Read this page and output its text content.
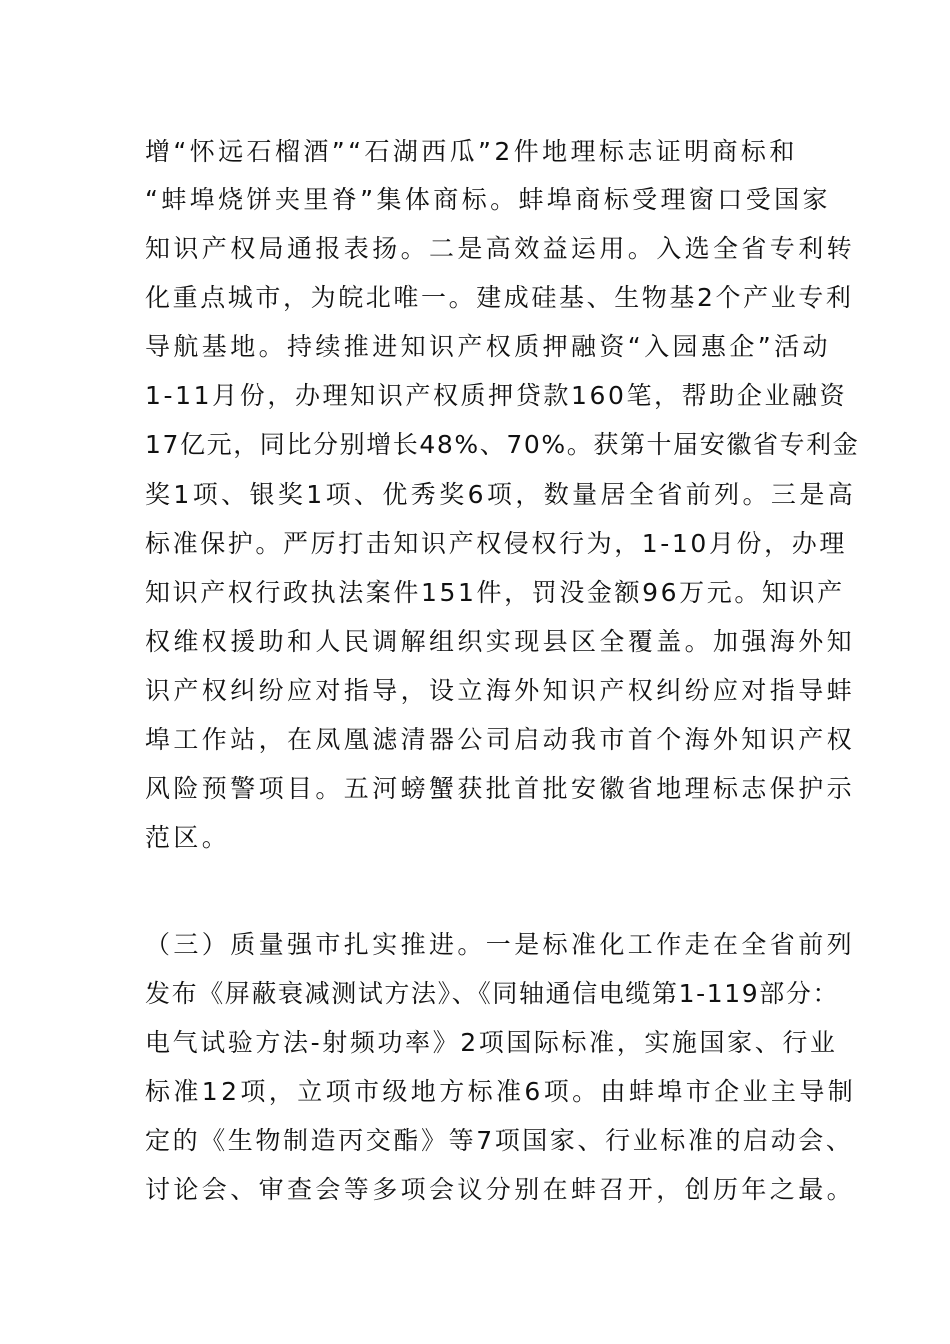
增“怀远石榴酒”“石湖西瓜”2件地理标志证明商标和
“蚌埠烧饼夹里脊”集体商标。蚌埠商标受理窗口受国家
知识产权局通报表扬。二是高效益运用。入选全省专利转
化重点城市，为皖北唯一。建成硅基、生物基2个产业专利
导航基地。持续推进知识产权质押融资“入园惠企”活动
1-11月份，办理知识产权质押贷款160笔，帮助企业融资
17亿元，同比分别增长48%、70%。获第十届安徽省专利金
奖1项、银奖1项、优秀奖6项，数量居全省前列。三是高
标准保护。严厉打击知识产权侵权行为，1-10月份，办理
知识产权行政执法案件151件，罚没金额96万元。知识产
权维权援助和人民调解组织实现县区全覆盖。加强海外知
识产权纠纷应对指导，设立海外知识产权纠纷应对指导蚌
埠工作站，在凤凰滤清器公司启动我市首个海外知识产权
风险预警项目。五河螃蟹获批首批安徽省地理标志保护示
范区。
（三）质量强市扎实推进。一是标准化工作走在全省前列
发布《屏蔽衰减测试方法》、《同轴通信电缆第1-119部分：
电气试验方法-射频功率》2项国际标准，实施国家、行业
标准12项，立项市级地方标准6项。由蚌埠市企业主导制
定的《生物制造丙交酯》等7项国家、行业标准的启动会、
讨论会、审查会等多项会议分别在蚌召开，创历年之最。
